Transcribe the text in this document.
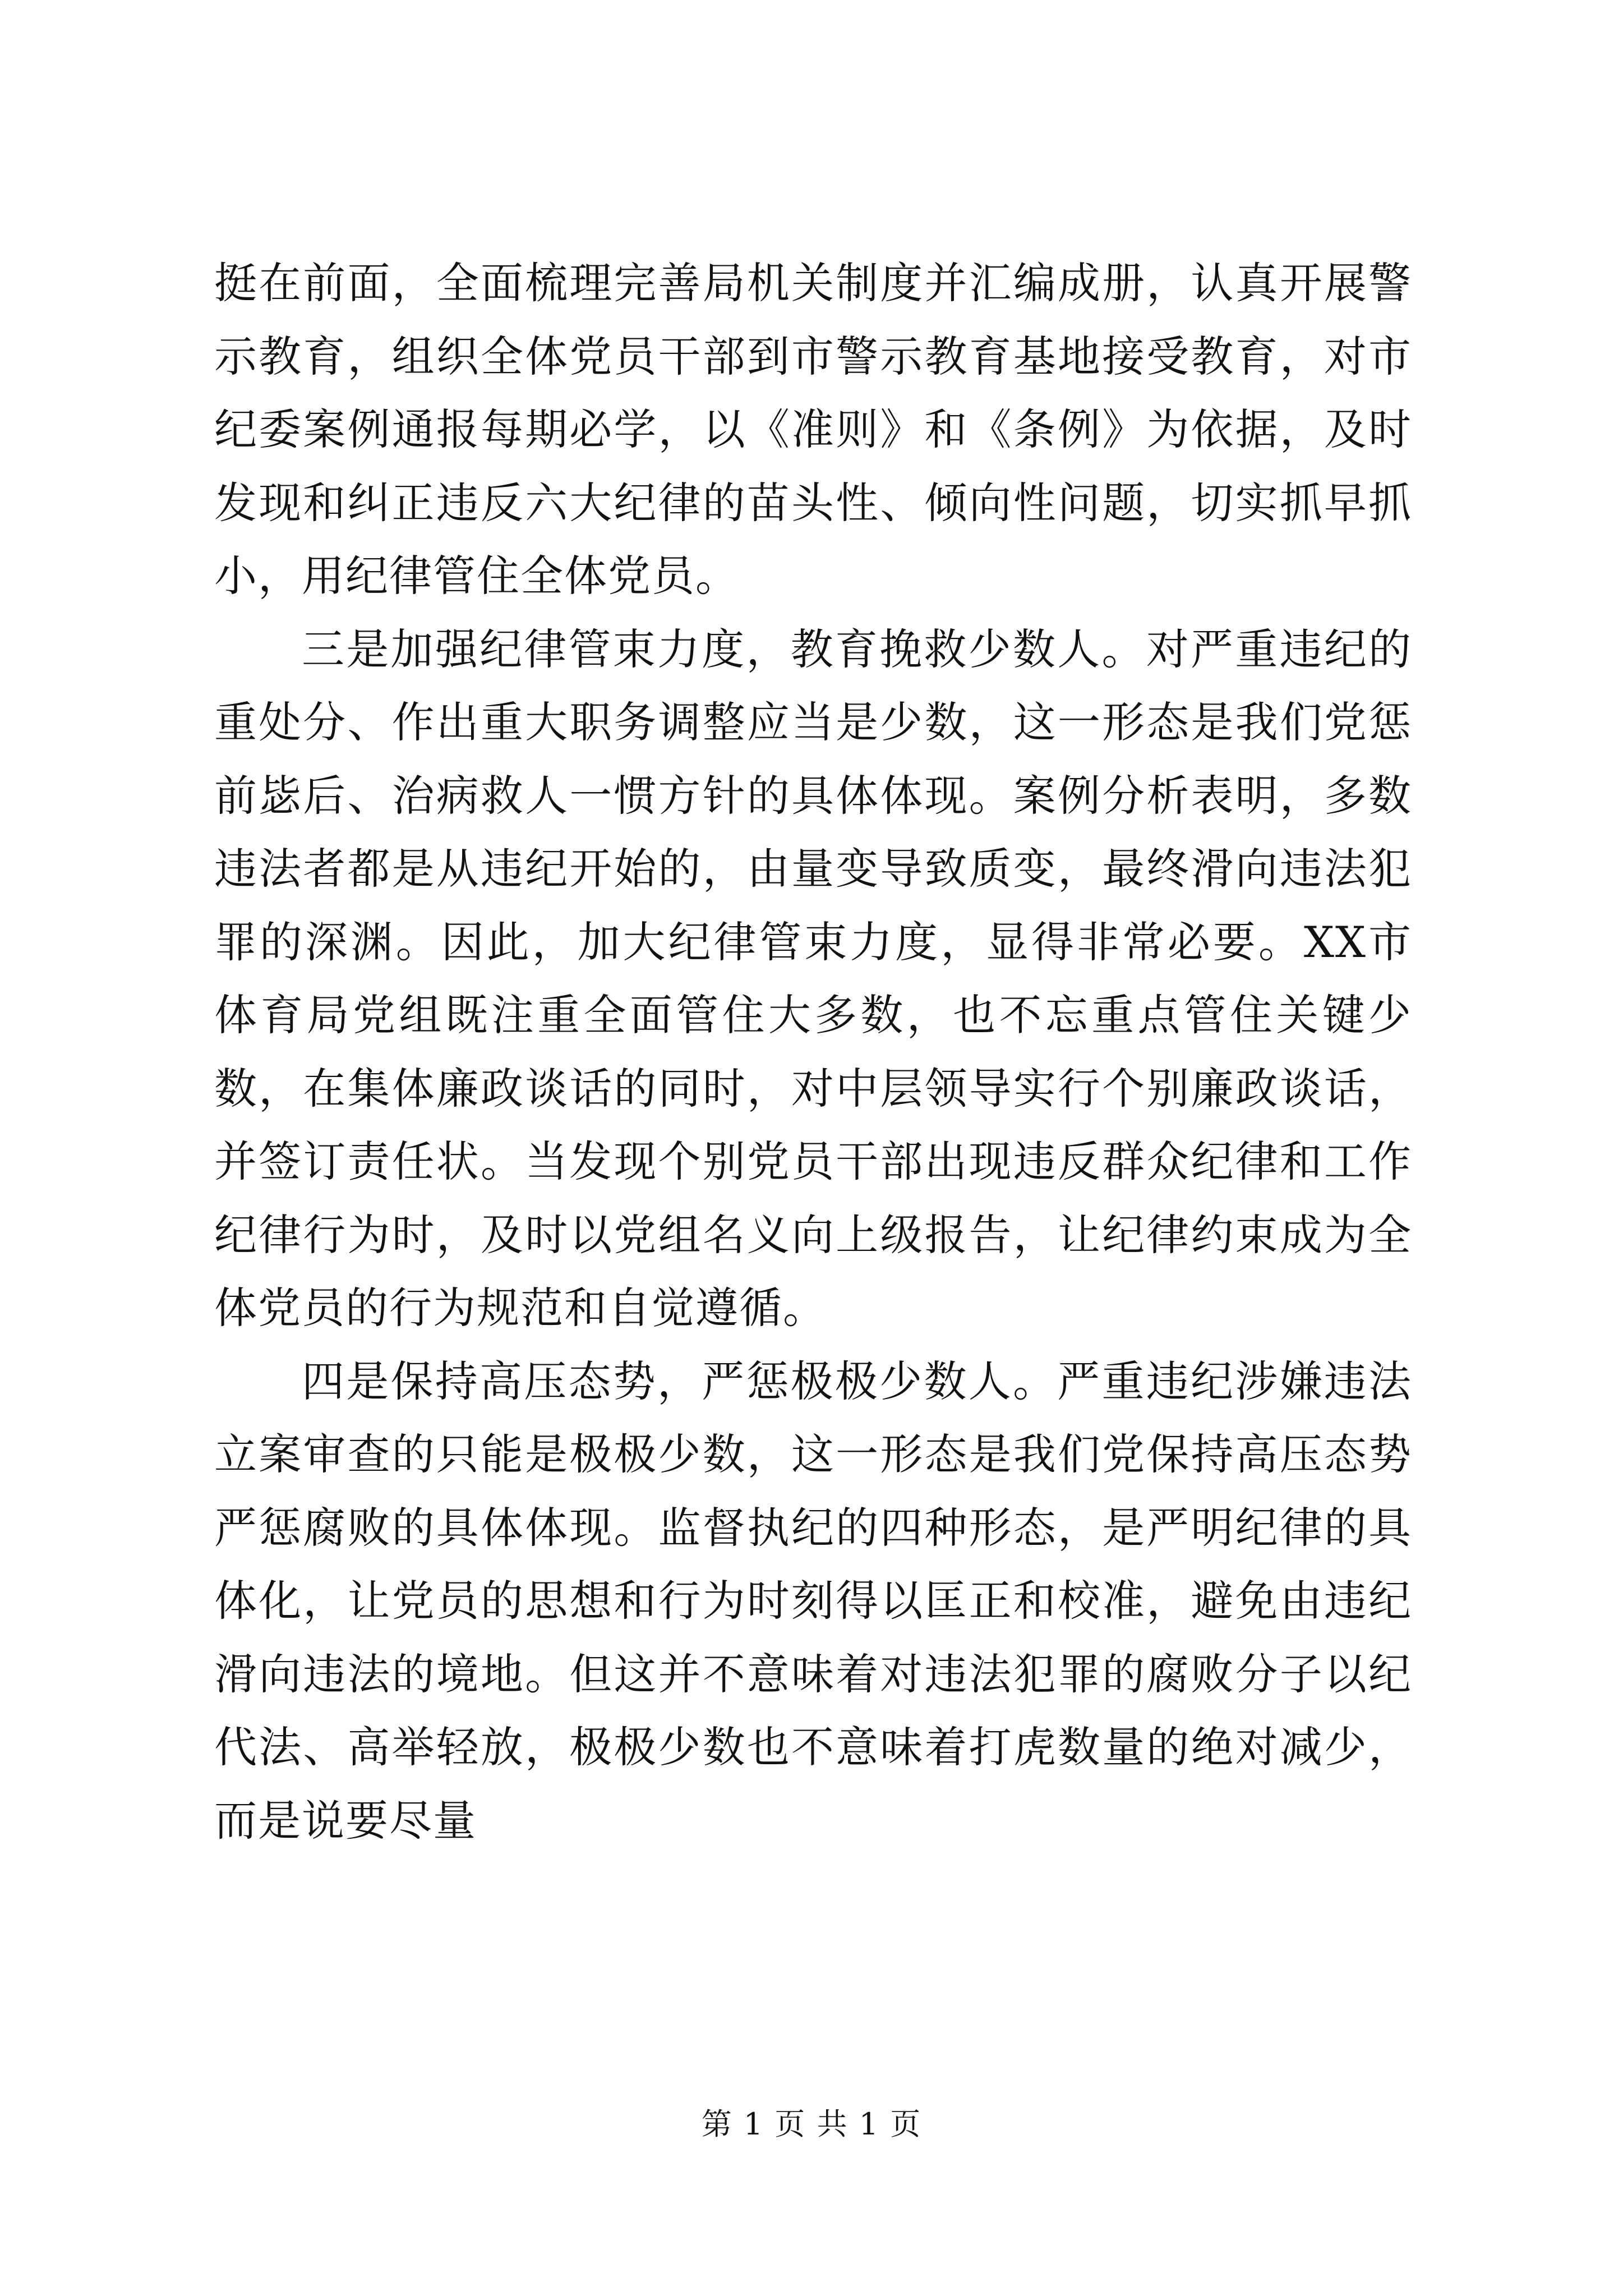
挺在前面，全面梳理完善局机关制度并汇编成册，认真开展警示教育，组织全体党员干部到市警示教育基地接受教育，对市纪委案例通报每期必学，以《准则》和《条例》为依据，及时发现和纠正违反六大纪律的苗头性、倾向性问题，切实抓早抓小，用纪律管住全体党员。

三是加强纪律管束力度，教育挽救少数人。对严重违纪的重处分、作出重大职务调整应当是少数，这一形态是我们党惩前毖后、治病救人一惯方针的具体体现。案例分析表明，多数违法者都是从违纪开始的，由量变导致质变，最终滑向违法犯罪的深渊。因此，加大纪律管束力度，显得非常必要。XX市体育局党组既注重全面管住大多数，也不忘重点管住关键少数，在集体廉政谈话的同时，对中层领导实行个别廉政谈话，并签订责任状。当发现个别党员干部出现违反群众纪律和工作纪律行为时，及时以党组名义向上级报告，让纪律约束成为全体党员的行为规范和自觉遵循。

四是保持高压态势，严惩极极少数人。严重违纪涉嫌违法立案审查的只能是极极少数，这一形态是我们党保持高压态势严惩腐败的具体体现。监督执纪的四种形态，是严明纪律的具体化，让党员的思想和行为时刻得以匡正和校准，避免由违纪滑向违法的境地。但这并不意味着对违法犯罪的腐败分子以纪代法、高举轻放，极极少数也不意味着打虎数量的绝对减少，而是说要尽量

第 1 页 共 1 页
